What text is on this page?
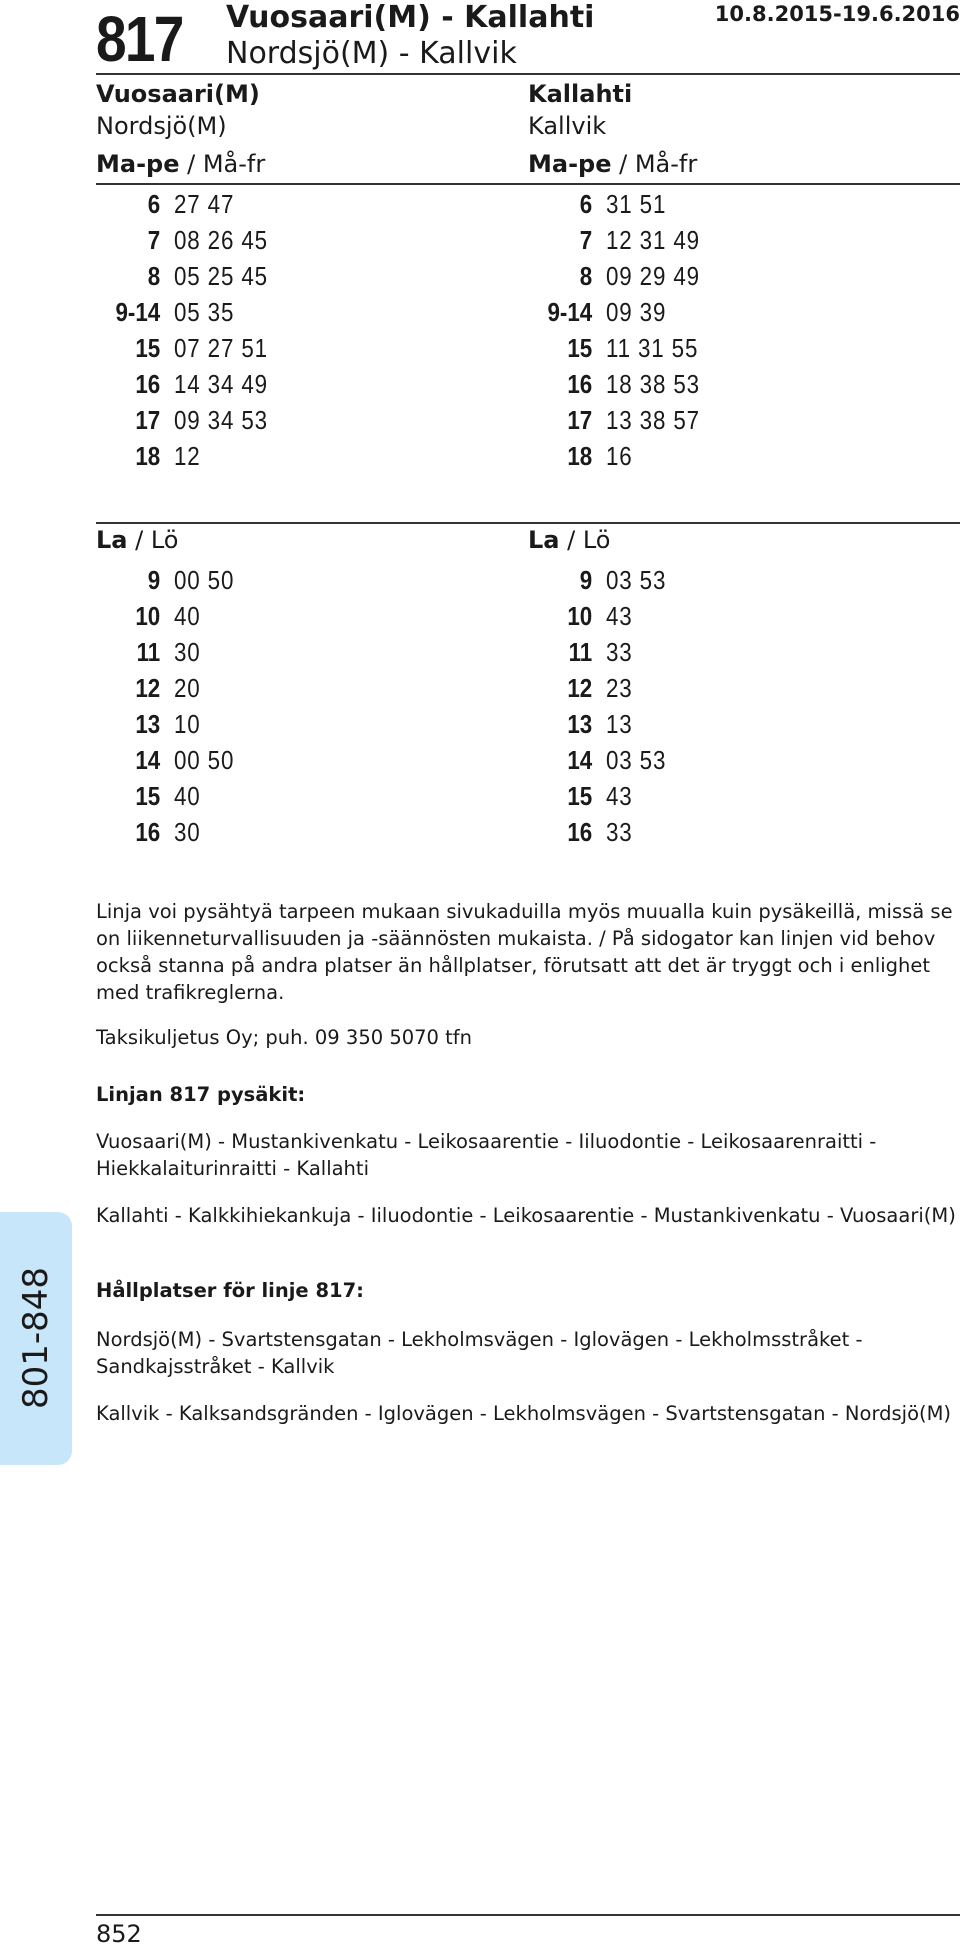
817 Vuosaari(M) - Kallahti
Nordsjö(M) - Kallvik
10.8.2015-19.6.2016
Vuosaari(M)
Nordsjö(M)
Kallahti
Kallvik
Ma-pe / Må-fr	Ma-pe / Må-fr
6 27 47
7 08 26 45
8 05 25 45
9-14 05 35
15 07 27 51
16 14 34 49
17 09 34 53
18 12
6 31 51
7 12 31 49
8 09 29 49
9-14 09 39
15 11 31 55
16 18 38 53
17 13 38 57
18 16
La / Lö	La / Lö
9 00 50
10 40
11 30
12 20
13 10
14 00 50
15 40
16 30
9 03 53
10 43
11 33
12 23
13 13
14 03 53
15 43
16 33
Linja voi pysähtyä tarpeen mukaan sivukaduilla myös muualla kuin pysäkeillä, missä se on liikenneturvallisuuden ja -säännösten mukaista. / På sidogator kan linjen vid behov också stanna på andra platser än hållplatser, förutsatt att det är tryggt och i enlighet med trafikreglerna.
Taksikuljetus Oy; puh. 09 350 5070 tfn
Linjan 817 pysäkit:
Vuosaari(M) - Mustankivenkatu - Leikosaarentie - Iiluodontie - Leikosaarenraitti - Hiekkalaiturinraitti - Kallahti
Kallahti - Kalkkihiekankuja - Iiluodontie - Leikosaarentie - Mustankivenkatu - Vuosaari(M)
Hållplatser för linje 817:
Nordsjö(M) - Svartstensgatan - Lekholmsvägen - Iglovägen - Lekholmsstråket - Sandkajsstråket - Kallvik
Kallvik - Kalksandsgränden - Iglovägen - Lekholmsvägen - Svartstensgatan - Nordsjö(M)
801-848
852
